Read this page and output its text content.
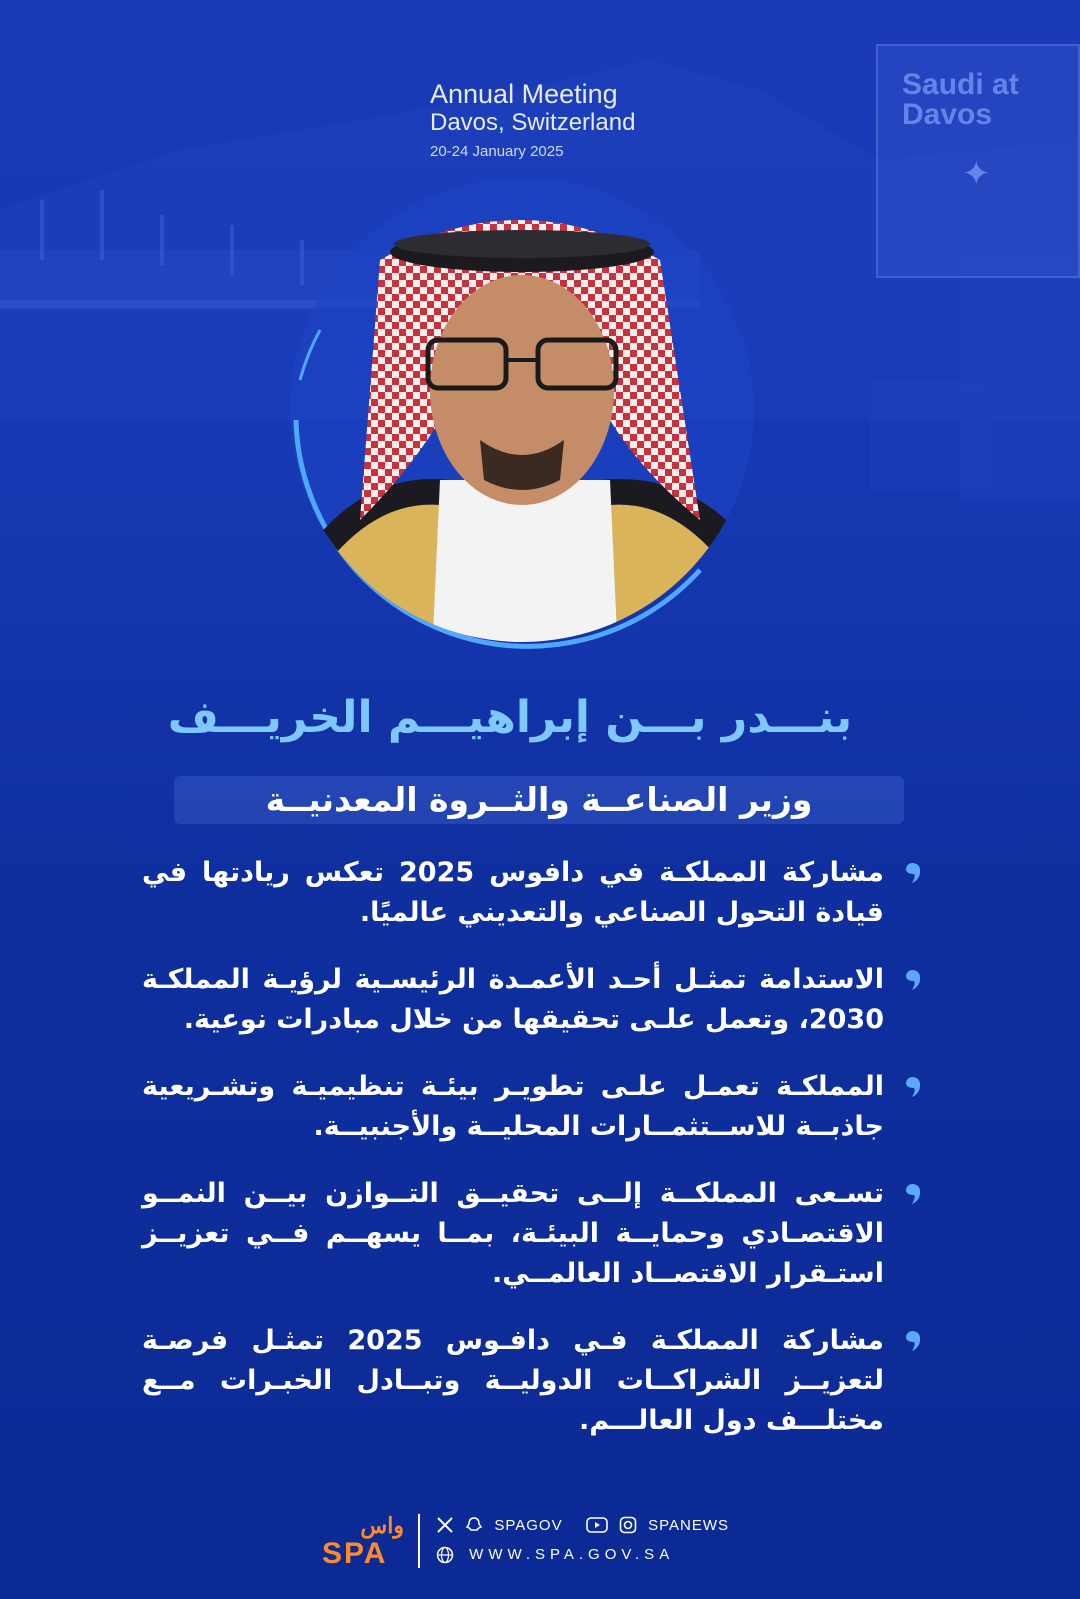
Saudi at
Davos
✦
Annual Meeting
Davos, Switzerland
20-24 January 2025
بنـــدر بـــن إبراهيـــم الخريـــف
وزير الصناعــة والثــروة المعدنيــة
مشاركة المملكـة في دافوس 2025 تعكس ريادتها في قيادة التحول الصناعي والتعديني عالميًا.
الاستدامة تمثـل أحـد الأعمـدة الرئيسـية لرؤيـة المملكـة 2030، وتعمل علـى تحقيقها من خلال مبادرات نوعية.
المملكـة تعمـل علـى تطويـر بيئـة تنظيميـة وتشـريعية جاذبــة للاســتثمــارات المحليــة والأجنبيــة.
تسـعى المملكــة إلــى تحقيــق التــوازن بيــن النمــو الاقتصـادي وحمايــة البيئـة، بمــا يسهــم فــي تعزيــز استـقرار الاقتصــاد العالمــي.
مشاركة المملكـة فـي دافـوس 2025 تمثـل فرصـة لتعزيــز الشراكــات الدوليــة وتبــادل الخبـرات مــع مختلـــف دول العالـــم.
واس
SPA
SPAGOV	SPANEWS
WWW.SPA.GOV.SA
